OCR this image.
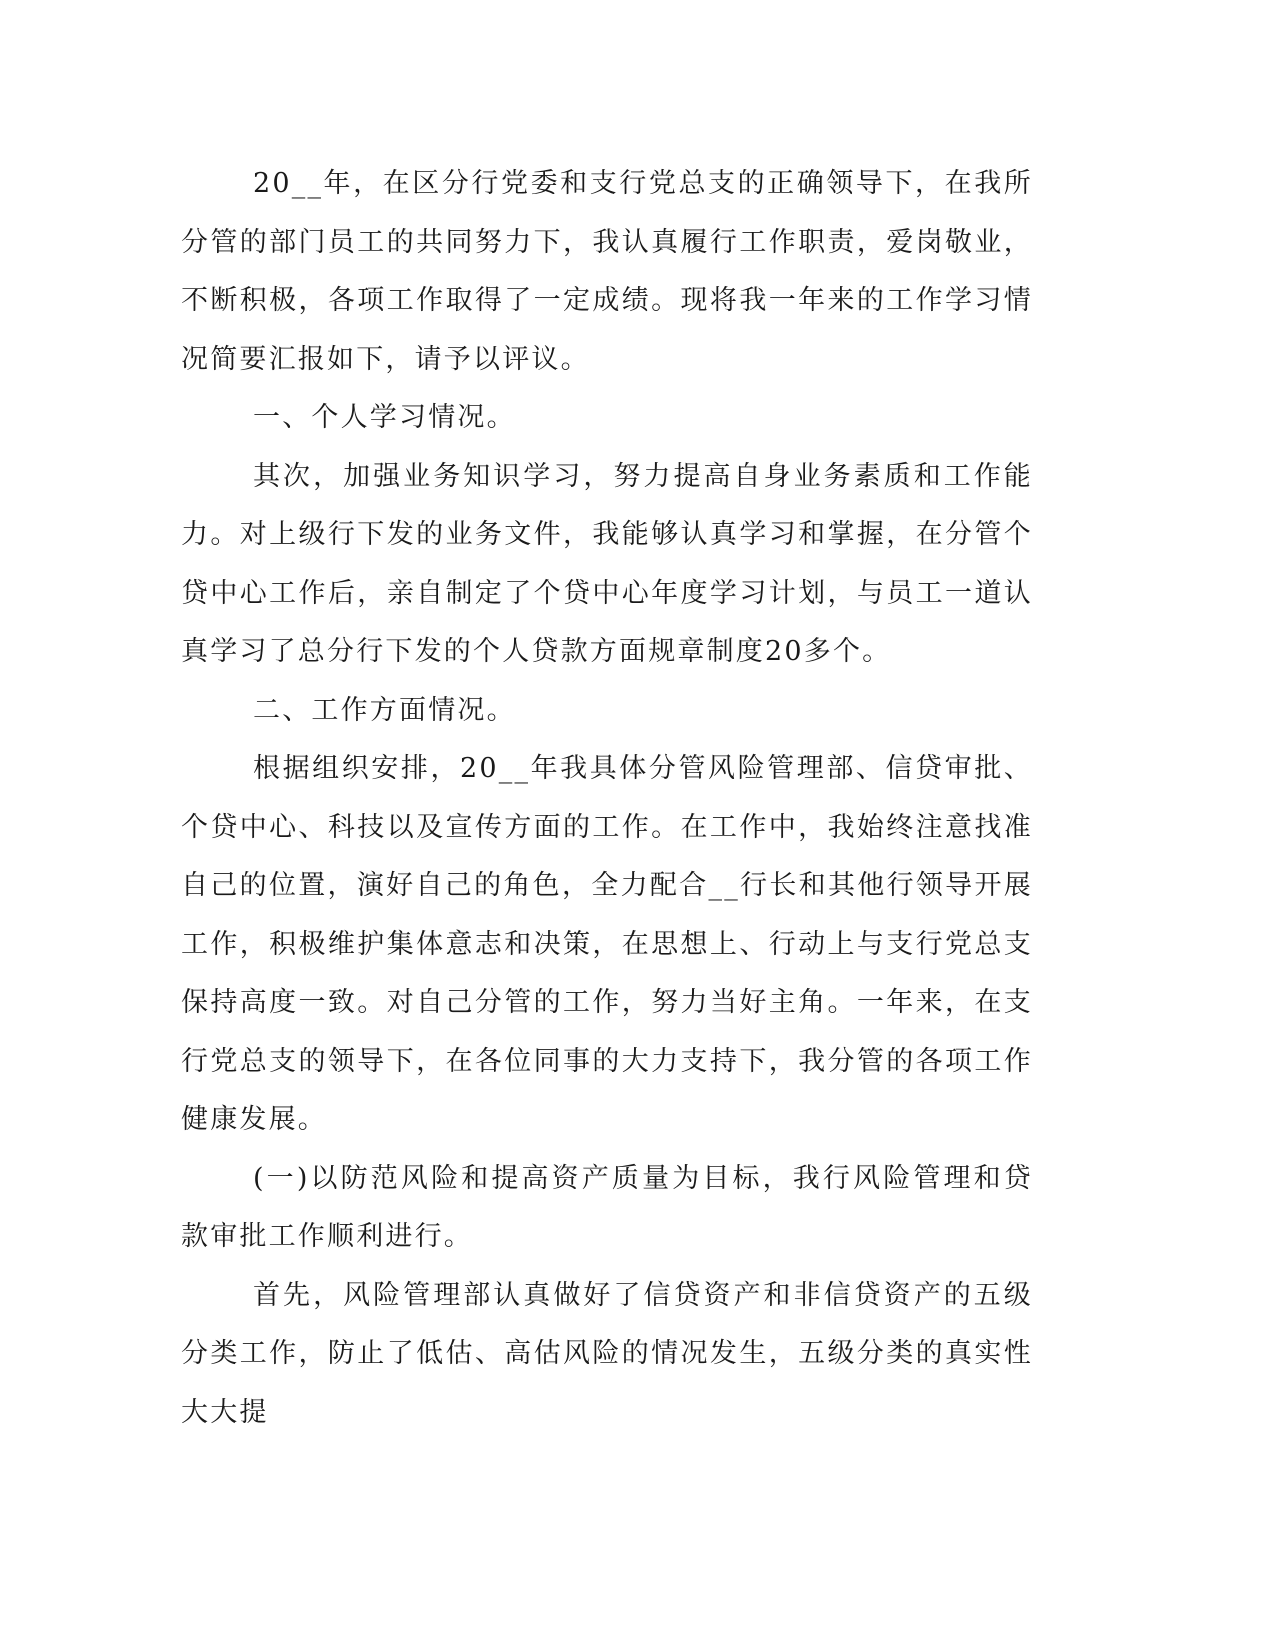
20__年，在区分行党委和支行党总支的正确领导下，在我所分管的部门员工的共同努力下，我认真履行工作职责，爱岗敬业，不断积极，各项工作取得了一定成绩。现将我一年来的工作学习情况简要汇报如下，请予以评议。

一、个人学习情况。

其次，加强业务知识学习，努力提高自身业务素质和工作能力。对上级行下发的业务文件，我能够认真学习和掌握，在分管个贷中心工作后，亲自制定了个贷中心年度学习计划，与员工一道认真学习了总分行下发的个人贷款方面规章制度20多个。

二、工作方面情况。

根据组织安排，20__年我具体分管风险管理部、信贷审批、个贷中心、科技以及宣传方面的工作。在工作中，我始终注意找准自己的位置，演好自己的角色，全力配合__行长和其他行领导开展工作，积极维护集体意志和决策，在思想上、行动上与支行党总支保持高度一致。对自己分管的工作，努力当好主角。一年来，在支行党总支的领导下，在各位同事的大力支持下，我分管的各项工作健康发展。

(一)以防范风险和提高资产质量为目标，我行风险管理和贷款审批工作顺利进行。

首先，风险管理部认真做好了信贷资产和非信贷资产的五级分类工作，防止了低估、高估风险的情况发生，五级分类的真实性大大提
